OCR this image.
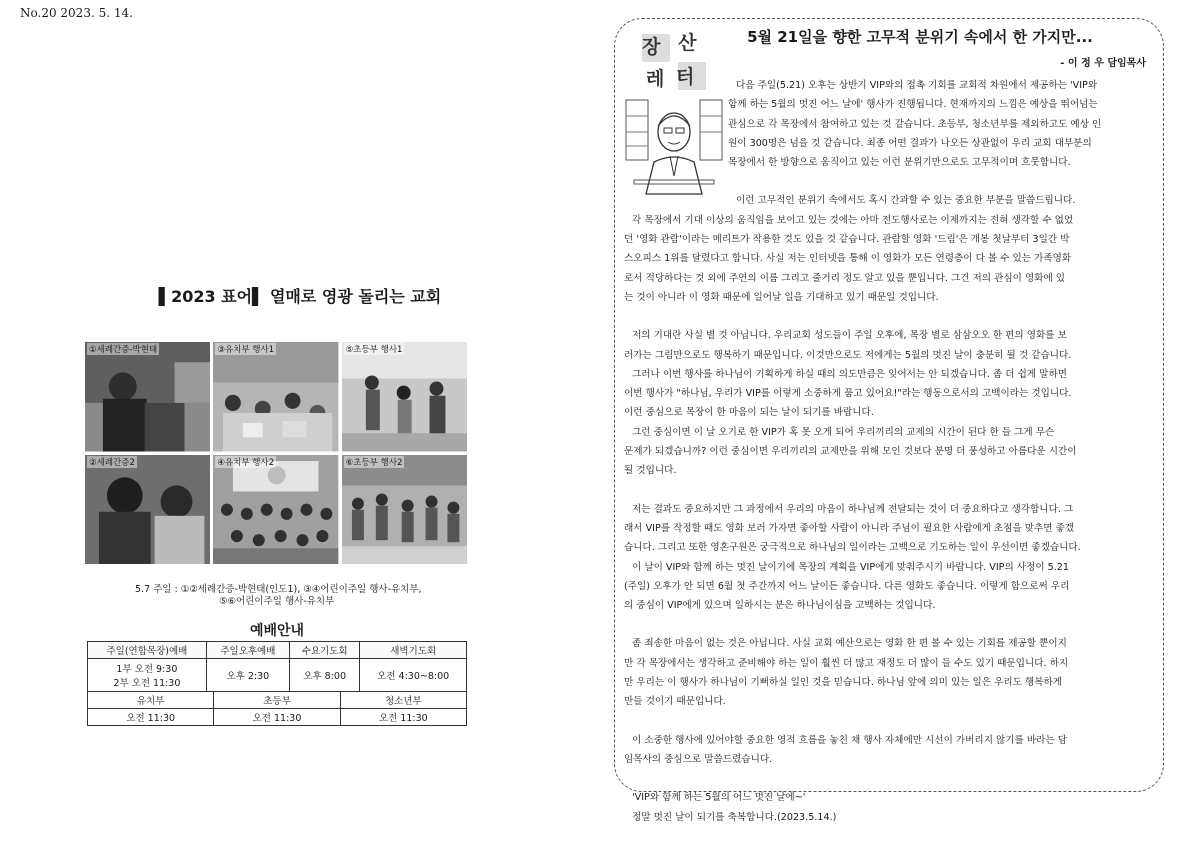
No.20 2023. 5. 14.
▌2023 표어▌ 열매로 영광 돌리는 교회
①세례간증-박현태	③유치부 행사1	⑤초등부 행사1
②세례간증2	④유치부 행사2	⑥초등부 행사2
5.7 주일 : ①②세례간증-박현태(인도1), ③④어린이주일 행사-유치부,
⑤⑥어린이주일 행사-유치부
예배안내
주일(연합목장)예배	주일오후예배	수요기도회	새벽기도회

1부 오전 9:30
2부 오전 11:30	오후 2:30	오후 8:00	오전 4:30~8:00
유치부	초등부	청소년부
오전 11:30	오전 11:30	오전 11:30
장 산
레 터
5월 21일을 향한 고무적 분위기 속에서 한 가지만...
- 이 정 우 담임목사

다음 주일(5.21) 오후는 상반기 VIP와의 접촉 기회를 교회적 차원에서 제공하는 'VIP와

함께 하는 5월의 멋진 어느 날에' 행사가 진행됩니다. 현재까지의 느낌은 예상을 뛰어넘는

관심으로 각 목장에서 참여하고 있는 것 같습니다. 초등부, 청소년부를 제외하고도 예상 인

원이 300명은 넘을 것 같습니다. 최종 어떤 결과가 나오든 상관없이 우리 교회 대부분의

목장에서 한 방향으로 움직이고 있는 이런 분위기만으로도 고무적이며 흐뭇합니다.

이런 고무적인 분위기 속에서도 혹시 간과할 수 있는 중요한 부분을 말씀드립니다.

각 목장에서 기대 이상의 움직임을 보이고 있는 것에는 아마 전도행사로는 이제까지는 전혀 생각할 수 없었

던 '영화 관람'이라는 메리트가 작용한 것도 있을 것 같습니다. 관람할 영화 '드림'은 개봉 첫날부터 3일간 박

스오피스 1위를 달렸다고 합니다. 사실 저는 인터넷을 통해 이 영화가 모든 연령층이 다 볼 수 있는 가족영화

로서 적당하다는 것 외에 주연의 이름 그리고 줄거리 정도 알고 있을 뿐입니다. 그건 저의 관심이 영화에 있

는 것이 아니라 이 영화 때문에 일어날 일을 기대하고 있기 때문일 것입니다.

저의 기대란 사실 별 것 아닙니다. 우리교회 성도들이 주일 오후에, 목장 별로 삼삼오오 한 편의 영화를 보

러가는 그림만으로도 행복하기 때문입니다. 이것만으로도 저에게는 5월의 멋진 날이 충분히 될 것 같습니다.

그러나 이번 행사를 하나님이 기획하게 하실 때의 의도만큼은 잊어서는 안 되겠습니다. 좀 더 쉽게 말하면

이번 행사가 "하나님, 우리가 VIP를 이렇게 소중하게 품고 있어요!"라는 행동으로서의 고백이라는 것입니다.

이런 중심으로 목장이 한 마음이 되는 날이 되기를 바랍니다.

그런 중심이면 이 날 오기로 한 VIP가 혹 못 오게 되어 우리끼리의 교제의 시간이 된다 한 들 그게 무슨

문제가 되겠습니까? 이런 중심이면 우리끼리의 교제만을 위해 모인 것보다 분명 더 풍성하고 아름다운 시간이

될 것입니다.

저는 결과도 중요하지만 그 과정에서 우리의 마음이 하나님께 전달되는 것이 더 중요하다고 생각합니다. 그

래서 VIP를 작정할 때도 영화 보러 가자면 좋아할 사람이 아니라 주님이 필요한 사람에게 초점을 맞추면 좋겠

습니다. 그리고 또한 영혼구원은 궁극적으로 하나님의 일이라는 고백으로 기도하는 일이 우선이면 좋겠습니다.

이 날이 VIP와 함께 하는 멋진 날이기에 목장의 계획을 VIP에게 맞춰주시기 바랍니다. VIP의 사정이 5.21

(주일) 오후가 안 되면 6월 첫 주간까지 어느 날이든 좋습니다. 다른 영화도 좋습니다. 이렇게 함으로써 우리

의 중심이 VIP에게 있으며 일하시는 분은 하나님이심을 고백하는 것입니다.

좀 죄송한 마음이 없는 것은 아닙니다. 사실 교회 예산으로는 영화 한 편 볼 수 있는 기회를 제공할 뿐이지

만 각 목장에서는 생각하고 준비해야 하는 일이 훨씬 더 많고 재정도 더 많이 들 수도 있기 때문입니다. 하지

만 우리는 이 행사가 하나님이 기뻐하실 일인 것을 믿습니다. 하나님 앞에 의미 있는 일은 우리도 행복하게

만들 것이기 때문입니다.

이 소중한 행사에 있어야할 중요한 영적 흐름을 놓친 채 행사 자체에만 시선이 가버리지 않기를 바라는 담

임목사의 중심으로 말씀드렸습니다.

'VIP와 함께 하는 5월의 어느 멋진 날에~'

정말 멋진 날이 되기를 축복합니다.(2023.5.14.)
